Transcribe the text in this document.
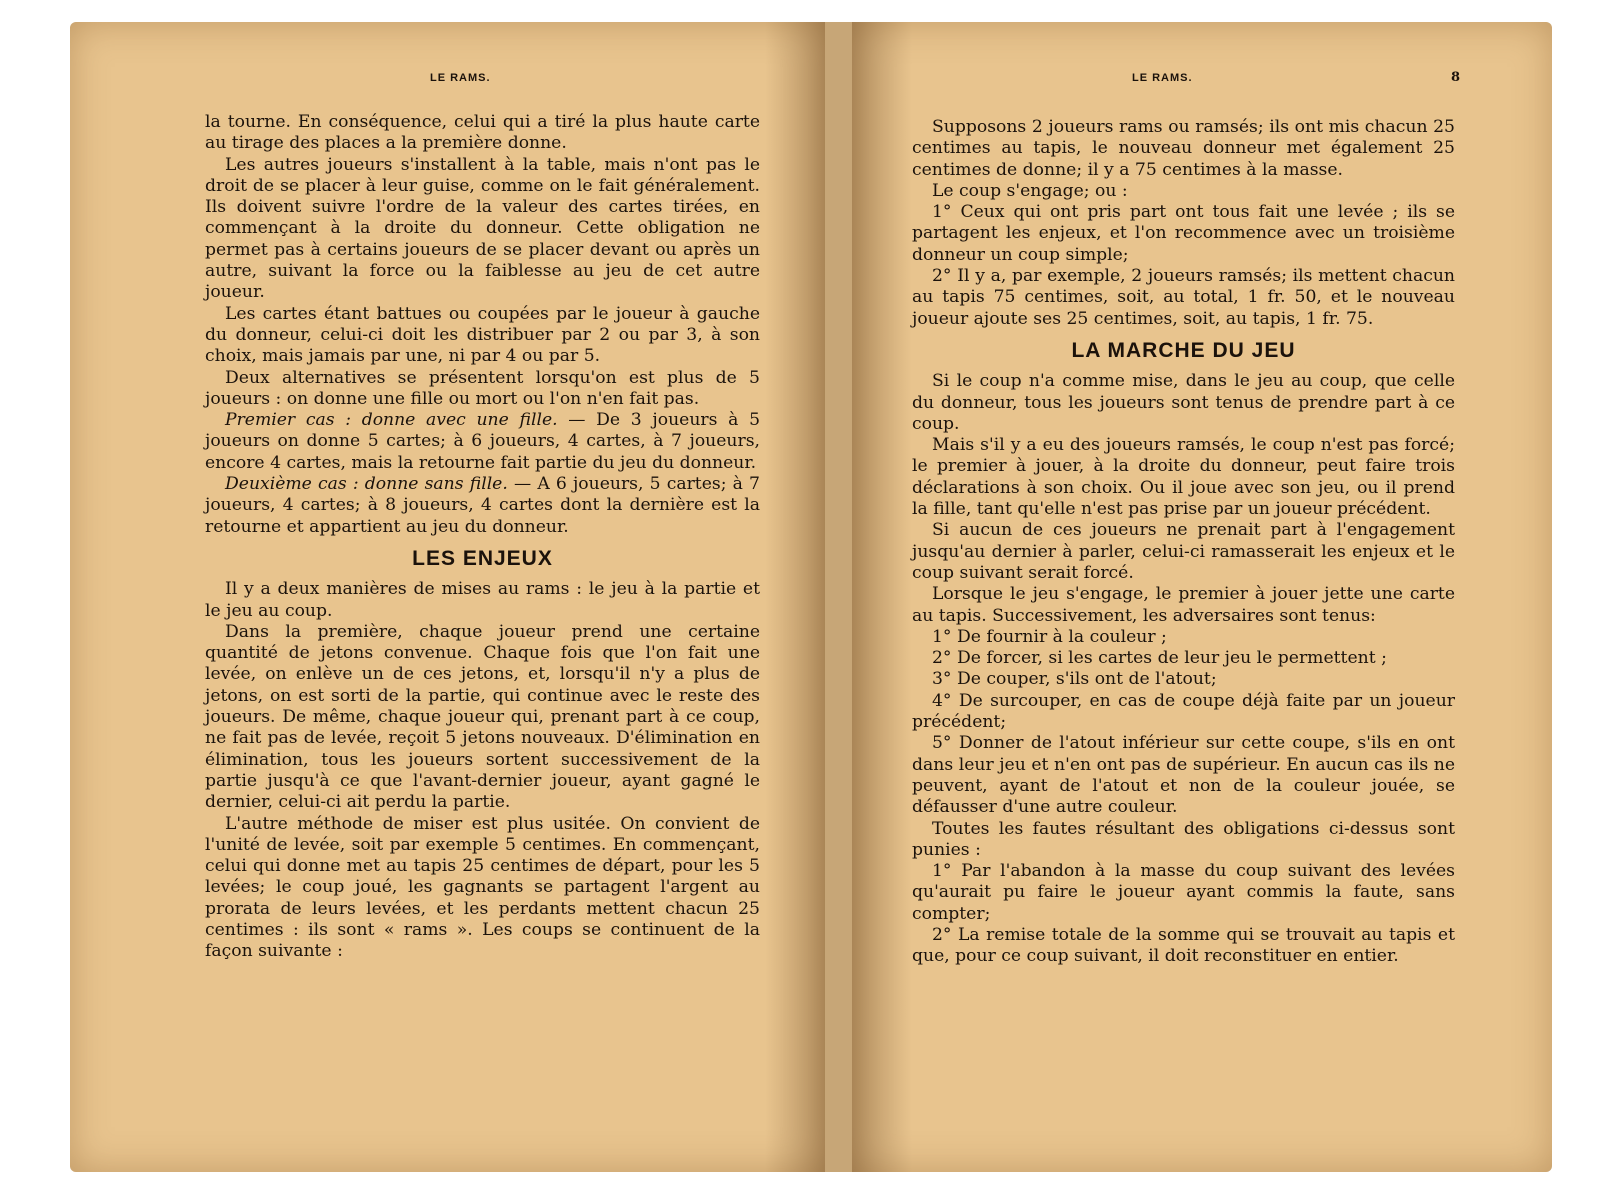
LE RAMS.

la tourne. En conséquence, celui qui a tiré la plus haute carte au tirage des places a la première donne.

Les autres joueurs s'installent à la table, mais n'ont pas le droit de se placer à leur guise, comme on le fait généralement. Ils doivent suivre l'ordre de la valeur des cartes tirées, en commençant à la droite du donneur. Cette obligation ne permet pas à certains joueurs de se placer devant ou après un autre, suivant la force ou la faiblesse au jeu de cet autre joueur.

Les cartes étant battues ou coupées par le joueur à gauche du donneur, celui-ci doit les distribuer par 2 ou par 3, à son choix, mais jamais par une, ni par 4 ou par 5.

Deux alternatives se présentent lorsqu'on est plus de 5 joueurs : on donne une fille ou mort ou l'on n'en fait pas.

Premier cas : donne avec une fille. — De 3 joueurs à 5 joueurs on donne 5 cartes; à 6 joueurs, 4 cartes, à 7 joueurs, encore 4 cartes, mais la retourne fait partie du jeu du donneur.

Deuxième cas : donne sans fille. — A 6 joueurs, 5 cartes; à 7 joueurs, 4 cartes; à 8 joueurs, 4 cartes dont la dernière est la retourne et appartient au jeu du donneur.

LES ENJEUX

Il y a deux manières de mises au rams : le jeu à la partie et le jeu au coup.

Dans la première, chaque joueur prend une certaine quantité de jetons convenue. Chaque fois que l'on fait une levée, on enlève un de ces jetons, et, lorsqu'il n'y a plus de jetons, on est sorti de la partie, qui continue avec le reste des joueurs. De même, chaque joueur qui, prenant part à ce coup, ne fait pas de levée, reçoit 5 jetons nouveaux. D'élimination en élimination, tous les joueurs sortent successivement de la partie jusqu'à ce que l'avant-dernier joueur, ayant gagné le dernier, celui-ci ait perdu la partie.

L'autre méthode de miser est plus usitée. On convient de l'unité de levée, soit par exemple 5 centimes. En commençant, celui qui donne met au tapis 25 centimes de départ, pour les 5 levées; le coup joué, les gagnants se partagent l'argent au prorata de leurs levées, et les perdants mettent chacun 25 centimes : ils sont « rams ». Les coups se continuent de la façon suivante :

LE RAMS.	8

Supposons 2 joueurs rams ou ramsés; ils ont mis chacun 25 centimes au tapis, le nouveau donneur met également 25 centimes de donne; il y a 75 centimes à la masse.

Le coup s'engage; ou :

1° Ceux qui ont pris part ont tous fait une levée ; ils se partagent les enjeux, et l'on recommence avec un troisième donneur un coup simple;

2° Il y a, par exemple, 2 joueurs ramsés; ils mettent chacun au tapis 75 centimes, soit, au total, 1 fr. 50, et le nouveau joueur ajoute ses 25 centimes, soit, au tapis, 1 fr. 75.

LA MARCHE DU JEU

Si le coup n'a comme mise, dans le jeu au coup, que celle du donneur, tous les joueurs sont tenus de prendre part à ce coup.

Mais s'il y a eu des joueurs ramsés, le coup n'est pas forcé; le premier à jouer, à la droite du donneur, peut faire trois déclarations à son choix. Ou il joue avec son jeu, ou il prend la fille, tant qu'elle n'est pas prise par un joueur précédent.

Si aucun de ces joueurs ne prenait part à l'engagement jusqu'au dernier à parler, celui-ci ramasserait les enjeux et le coup suivant serait forcé.

Lorsque le jeu s'engage, le premier à jouer jette une carte au tapis. Successivement, les adversaires sont tenus:

1° De fournir à la couleur ;

2° De forcer, si les cartes de leur jeu le permettent ;

3° De couper, s'ils ont de l'atout;

4° De surcouper, en cas de coupe déjà faite par un joueur précédent;

5° Donner de l'atout inférieur sur cette coupe, s'ils en ont dans leur jeu et n'en ont pas de supérieur. En aucun cas ils ne peuvent, ayant de l'atout et non de la couleur jouée, se défausser d'une autre couleur.

Toutes les fautes résultant des obligations ci-dessus sont punies :

1° Par l'abandon à la masse du coup suivant des levées qu'aurait pu faire le joueur ayant commis la faute, sans compter;

2° La remise totale de la somme qui se trouvait au tapis et que, pour ce coup suivant, il doit reconstituer en entier.
